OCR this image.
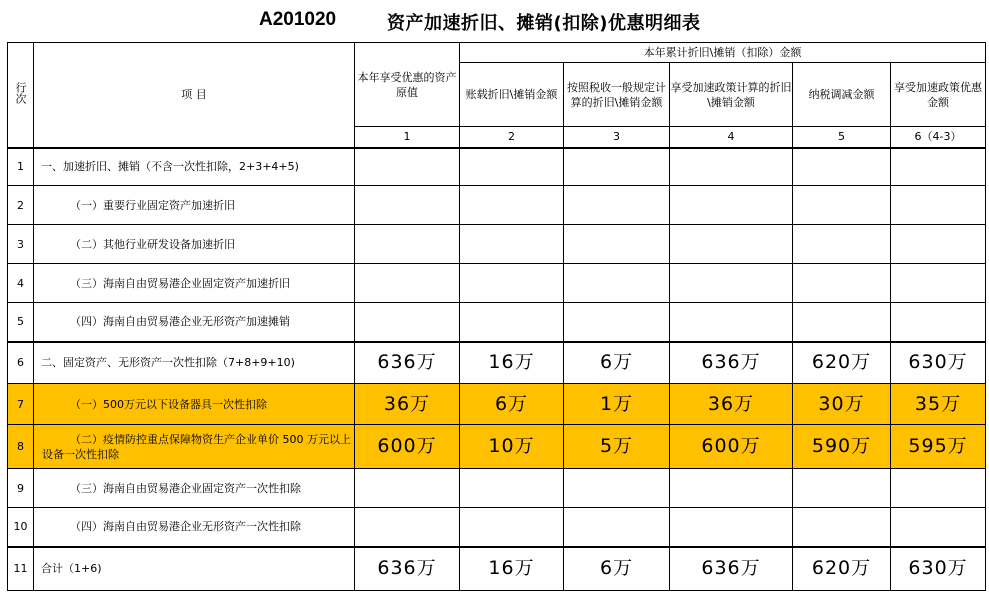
A201020	资产加速折旧、摊销(扣除)优惠明细表
行次	项 目	本年享受优惠的资产原值	本年累计折旧\摊销（扣除）金额				
			账载折旧\摊销金额	按照税收一般规定计算的折旧\摊销金额	享受加速政策计算的折旧\摊销金额	纳税调减金额	享受加速政策优惠金额
		1	2	3	4	5	6（4-3）
1	一、加速折旧、摊销（不含一次性扣除，2+3+4+5)						
2	（一）重要行业固定资产加速折旧						
3	（二）其他行业研发设备加速折旧						
4	（三）海南自由贸易港企业固定资产加速折旧						
5	（四）海南自由贸易港企业无形资产加速摊销						
6	二、固定资产、无形资产一次性扣除（7+8+9+10)	636万	16万	6万	636万	620万	630万
7	（一）500万元以下设备器具一次性扣除	36万	6万	1万	36万	30万	35万
8	（二）疫情防控重点保障物资生产企业单价 500 万元以上设备一次性扣除	600万	10万	5万	600万	590万	595万
9	（三）海南自由贸易港企业固定资产一次性扣除						
10	（四）海南自由贸易港企业无形资产一次性扣除						
11	合计（1+6)	636万	16万	6万	636万	620万	630万
